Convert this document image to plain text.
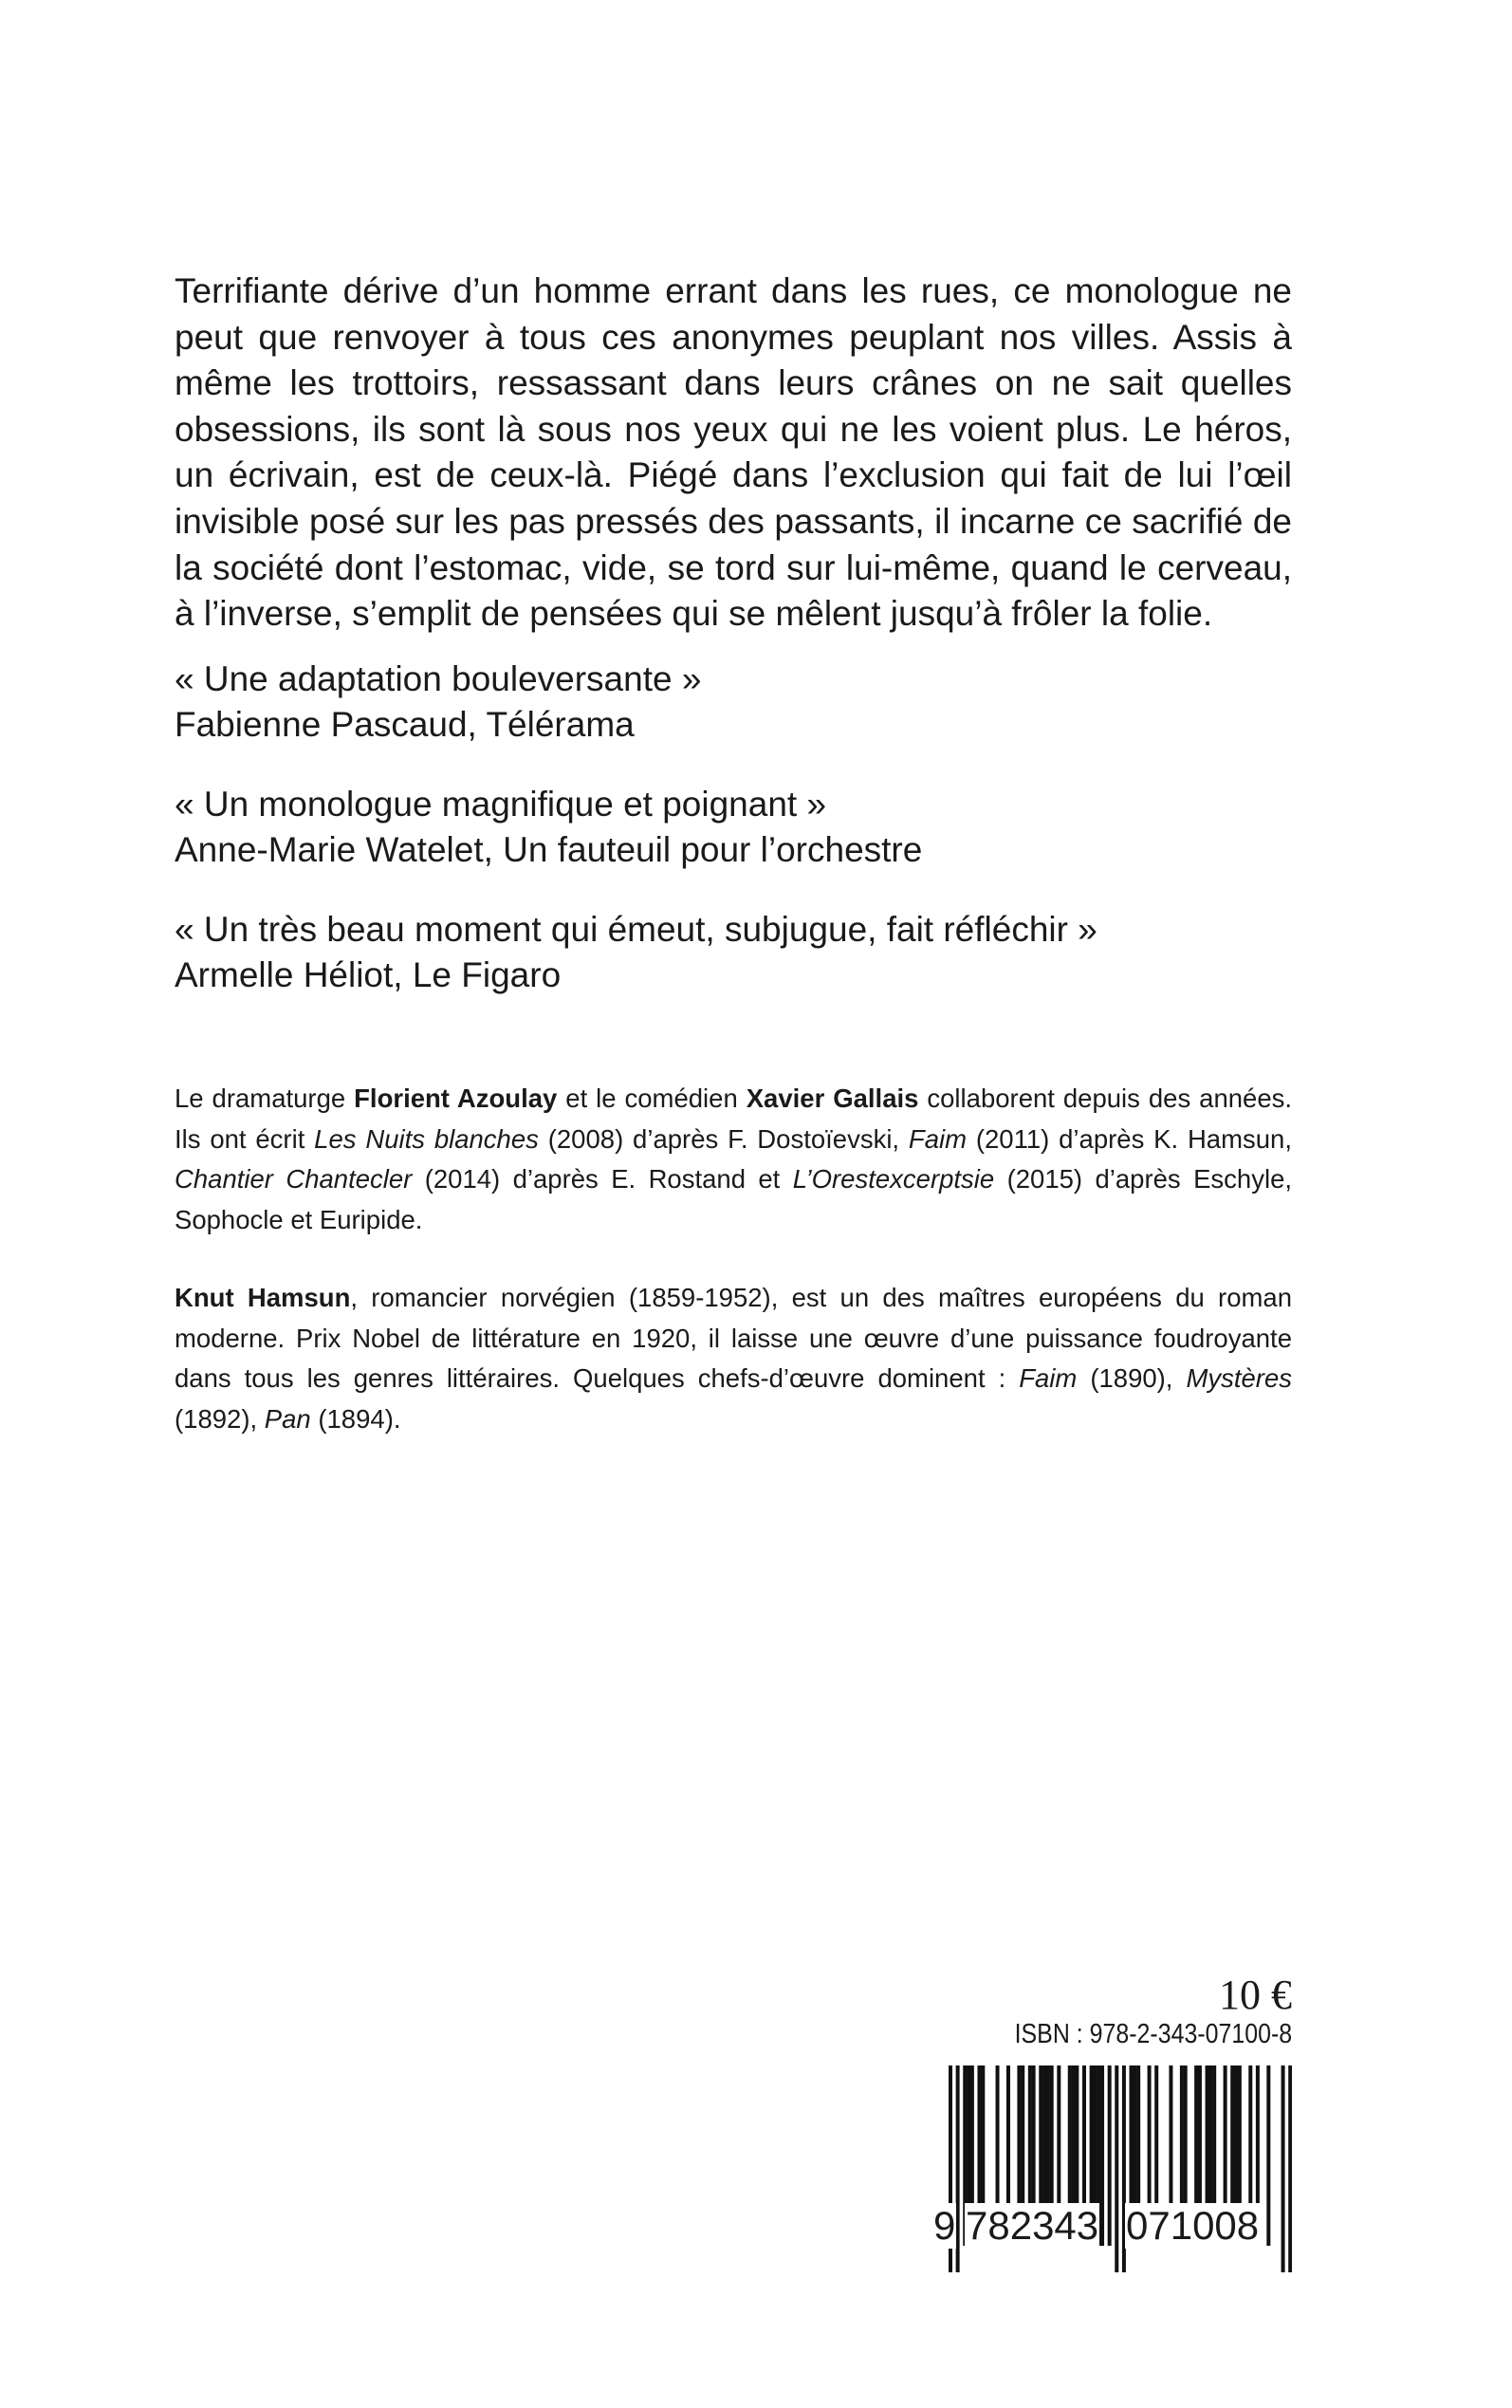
Terrifiante dérive d’un homme errant dans les rues, ce monologue ne peut que renvoyer à tous ces anonymes peuplant nos villes. Assis à même les trottoirs, ressassant dans leurs crânes on ne sait quelles obsessions, ils sont là sous nos yeux qui ne les voient plus. Le héros, un écrivain, est de ceux-là. Piégé dans l’exclusion qui fait de lui l’œil invisible posé sur les pas pressés des passants, il incarne ce sacrifié de la société dont l’estomac, vide, se tord sur lui-même, quand le cerveau, à l’inverse, s’emplit de pensées qui se mêlent jusqu’à frôler la folie.

« Une adaptation bouleversante »
Fabienne Pascaud, Télérama
« Un monologue magnifique et poignant »
Anne-Marie Watelet, Un fauteuil pour l’orchestre
« Un très beau moment qui émeut, subjugue, fait réfléchir »
Armelle Héliot, Le Figaro

Le dramaturge Florient Azoulay et le comédien Xavier Gallais collaborent depuis des années. Ils ont écrit Les Nuits blanches (2008) d’après F. Dostoïevski, Faim (2011) d’après K. Hamsun, Chantier Chantecler (2014) d’après E. Rostand et L’Orestexcerptsie (2015) d’après Eschyle, Sophocle et Euripide.

Knut Hamsun, romancier norvégien (1859-1952), est un des maîtres européens du roman moderne. Prix Nobel de littérature en 1920, il laisse une œuvre d’une puissance foudroyante dans tous les genres littéraires. Quelques chefs-d’œuvre dominent : Faim (1890), Mystères (1892), Pan (1894).

10 €
ISBN : 978-2-343-07100-8
9 782343 071008
